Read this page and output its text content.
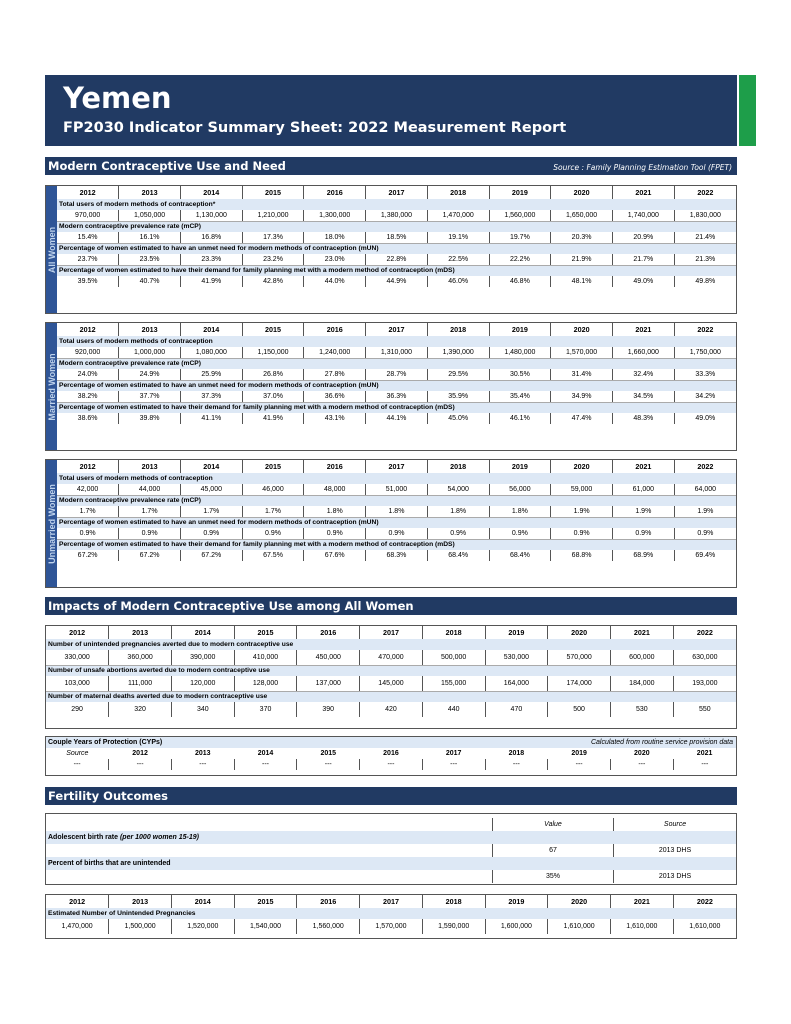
Yemen
FP2030 Indicator Summary Sheet: 2022 Measurement Report
Modern Contraceptive Use and Need	Source : Family Planning Estimation Tool (FPET)
All Women
2012	2013	2014	2015	2016	2017	2018	2019	2020	2021	2022
Total users of modern methods of contraception*										
970,000	1,050,000	1,130,000	1,210,000	1,300,000	1,380,000	1,470,000	1,560,000	1,650,000	1,740,000	1,830,000
Modern contraceptive prevalence rate (mCP)										
15.4%	16.1%	16.8%	17.3%	18.0%	18.5%	19.1%	19.7%	20.3%	20.9%	21.4%
Percentage of women estimated to have an unmet need for modern methods of contraception (mUN)										
23.7%	23.5%	23.3%	23.2%	23.0%	22.8%	22.5%	22.2%	21.9%	21.7%	21.3%
Percentage of women estimated to have their demand for family planning met with a modern method of contraception (mDS)										
39.5%	40.7%	41.9%	42.8%	44.0%	44.9%	46.0%	46.8%	48.1%	49.0%	49.8%
Married Women
2012	2013	2014	2015	2016	2017	2018	2019	2020	2021	2022
Total users of modern methods of contraception										
920,000	1,000,000	1,080,000	1,150,000	1,240,000	1,310,000	1,390,000	1,480,000	1,570,000	1,660,000	1,750,000
Modern contraceptive prevalence rate (mCP)										
24.0%	24.9%	25.9%	26.8%	27.8%	28.7%	29.5%	30.5%	31.4%	32.4%	33.3%
Percentage of women estimated to have an unmet need for modern methods of contraception (mUN)										
38.2%	37.7%	37.3%	37.0%	36.6%	36.3%	35.9%	35.4%	34.9%	34.5%	34.2%
Percentage of women estimated to have their demand for family planning met with a modern method of contraception (mDS)										
38.6%	39.8%	41.1%	41.9%	43.1%	44.1%	45.0%	46.1%	47.4%	48.3%	49.0%
Unmarried Women
2012	2013	2014	2015	2016	2017	2018	2019	2020	2021	2022
Total users of modern methods of contraception										
42,000	44,000	45,000	46,000	48,000	51,000	54,000	56,000	59,000	61,000	64,000
Modern contraceptive prevalence rate (mCP)										
1.7%	1.7%	1.7%	1.7%	1.8%	1.8%	1.8%	1.8%	1.9%	1.9%	1.9%
Percentage of women estimated to have an unmet need for modern methods of contraception (mUN)										
0.9%	0.9%	0.9%	0.9%	0.9%	0.9%	0.9%	0.9%	0.9%	0.9%	0.9%
Percentage of women estimated to have their demand for family planning met with a modern method of contraception (mDS)										
67.2%	67.2%	67.2%	67.5%	67.6%	68.3%	68.4%	68.4%	68.8%	68.9%	69.4%
Impacts of Modern Contraceptive Use among All Women
2012	2013	2014	2015	2016	2017	2018	2019	2020	2021	2022
Number of unintended pregnancies averted due to modern contraceptive use										
330,000	360,000	390,000	410,000	450,000	470,000	500,000	530,000	570,000	600,000	630,000
Number of unsafe abortions averted due to modern contraceptive use										
103,000	111,000	120,000	128,000	137,000	145,000	155,000	164,000	174,000	184,000	193,000
Number of maternal deaths averted due to modern contraceptive use										
290	320	340	370	390	420	440	470	500	530	550
Couple Years of Protection (CYPs)						Calculated from routine service provision data				
Source	2012	2013	2014	2015	2016	2017	2018	2019	2020	2021
---	---	---	---	---	---	---	---	---	---	---
Fertility Outcomes
Value	Source
Adolescent birth rate (per 1000 women 15-19)
67	2013 DHS
Percent of births that are unintended
35%	2013 DHS
2012	2013	2014	2015	2016	2017	2018	2019	2020	2021	2022
Estimated Number of Unintended Pregnancies										
1,470,000	1,500,000	1,520,000	1,540,000	1,560,000	1,570,000	1,590,000	1,600,000	1,610,000	1,610,000	1,610,000
